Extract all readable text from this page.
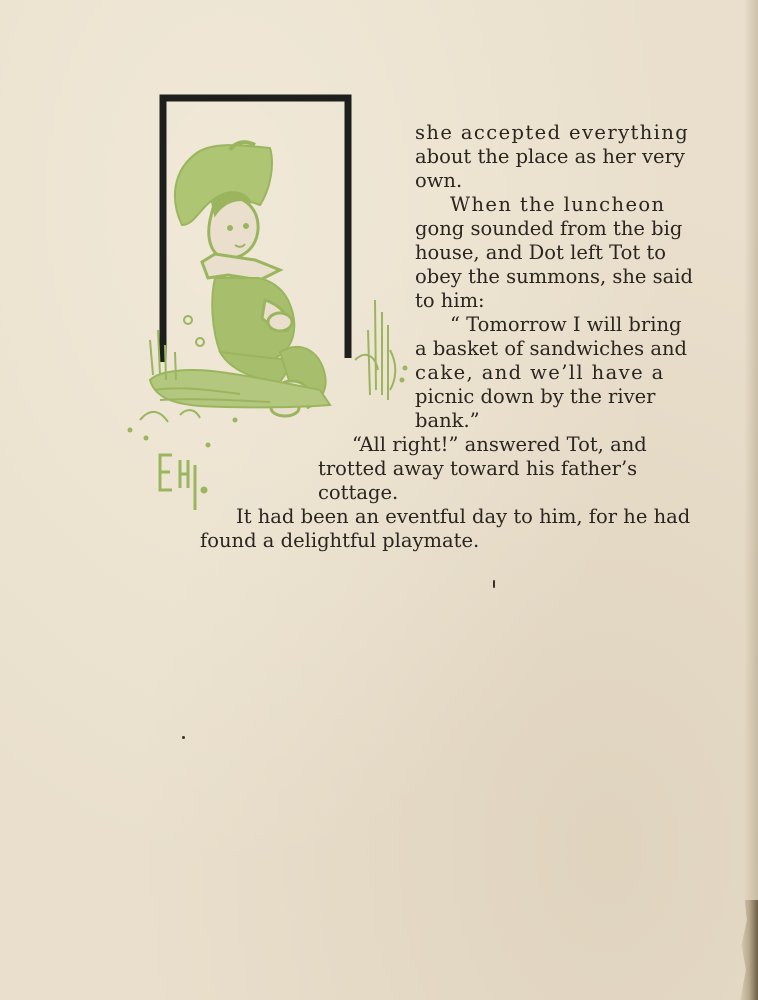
she accepted everything

about the place as her very

own.

When the luncheon

gong sounded from the big

house, and Dot left Tot to

obey the summons, she said

to him:

“ Tomorrow I will bring

a basket of sandwiches and

cake, and we’ll have a

picnic down by the river

bank.”

“All right!” answered Tot, and

trotted away toward his father’s

cottage.

It had been an eventful day to him, for he had

found a delightful playmate.
